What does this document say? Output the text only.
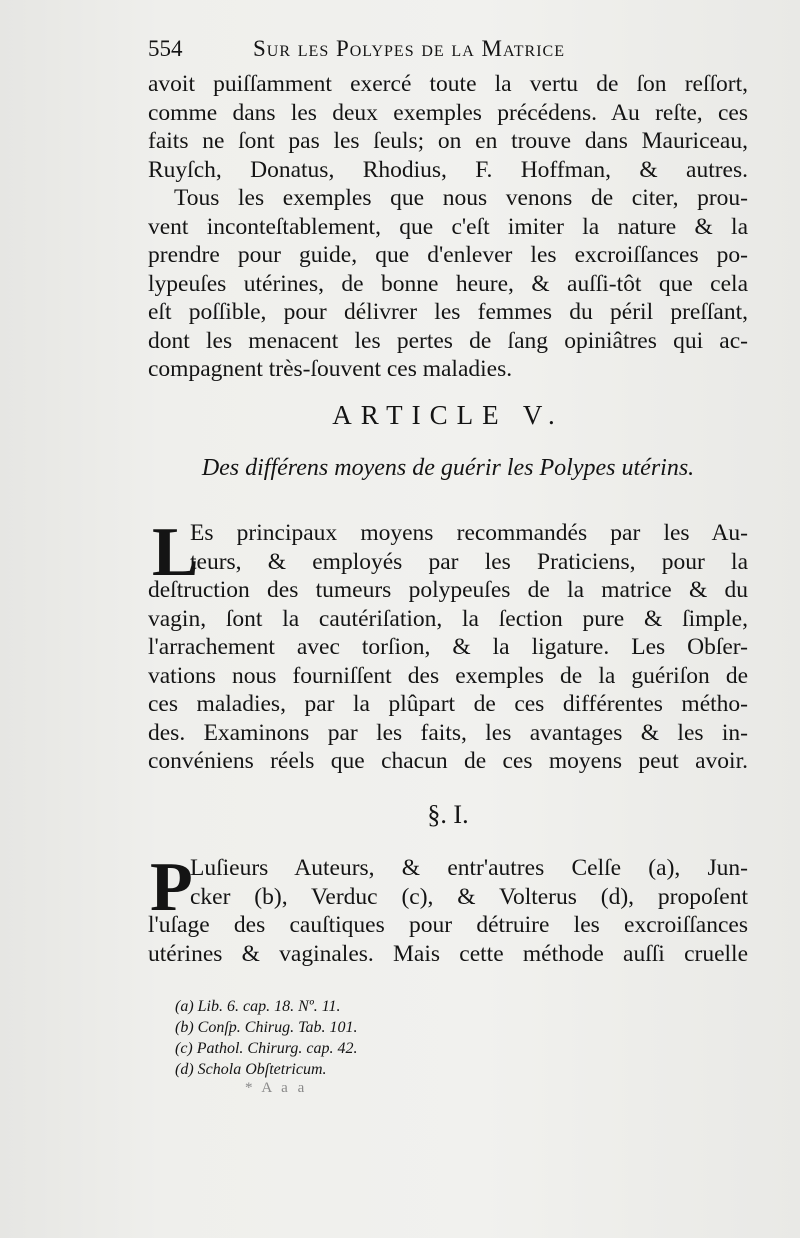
554	Sur les Polypes de la Matrice
avoit puiſſamment exercé toute la vertu de ſon reſſort,
comme dans les deux exemples précédens. Au reſte, ces
faits ne ſont pas les ſeuls; on en trouve dans Mauriceau,
Ruyſch, Donatus, Rhodius, F. Hoffman, & autres.
Tous les exemples que nous venons de citer, prou-
vent inconteſtablement, que c'eſt imiter la nature & la
prendre pour guide, que d'enlever les excroiſſances po-
lypeuſes utérines, de bonne heure, & auſſi-tôt que cela
eſt poſſible, pour délivrer les femmes du péril preſſant,
dont les menacent les pertes de ſang opiniâtres qui ac-
compagnent très-ſouvent ces maladies.
ARTICLE V.
Des différens moyens de guérir les Polypes utérins.
L
Es principaux moyens recommandés par les Au-
teurs, & employés par les Praticiens, pour la
deſtruction des tumeurs polypeuſes de la matrice & du
vagin, ſont la cautériſation, la ſection pure & ſimple,
l'arrachement avec torſion, & la ligature. Les Obſer-
vations nous fourniſſent des exemples de la guériſon de
ces maladies, par la plûpart de ces différentes métho-
des. Examinons par les faits, les avantages & les in-
convéniens réels que chacun de ces moyens peut avoir.
§. I.
P
Luſieurs Auteurs, & entr'autres Celſe (a), Jun-
cker (b), Verduc (c), & Volterus (d), propoſent
l'uſage des cauſtiques pour détruire les excroiſſances
utérines & vaginales. Mais cette méthode auſſi cruelle
(a) Lib. 6. cap. 18. Nº. 11.
(b) Conſp. Chirug. Tab. 101.
(c) Pathol. Chirurg. cap. 42.
(d) Schola Obſtetricum.
* A a a
